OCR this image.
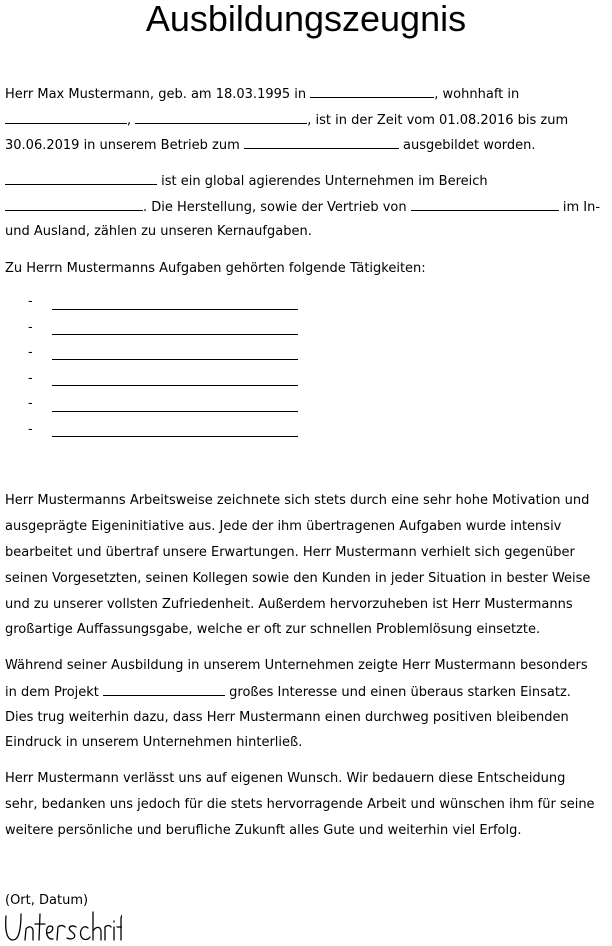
Ausbildungszeugnis
Herr Max Mustermann, geb. am 18.03.1995 in	, wohnhaft in
,	, ist in der Zeit vom 01.08.2016 bis zum
30.06.2019 in unserem Betrieb zum	ausgebildet worden.
ist ein global agierendes Unternehmen im Bereich
. Die Herstellung, sowie der Vertrieb von	im In-
und Ausland, zählen zu unseren Kernaufgaben.
Zu Herrn Mustermanns Aufgaben gehörten folgende Tätigkeiten:
-
-
-
-
-
-
Herr Mustermanns Arbeitsweise zeichnete sich stets durch eine sehr hohe Motivation und
ausgeprägte Eigeninitiative aus. Jede der ihm übertragenen Aufgaben wurde intensiv
bearbeitet und übertraf unsere Erwartungen. Herr Mustermann verhielt sich gegenüber
seinen Vorgesetzten, seinen Kollegen sowie den Kunden in jeder Situation in bester Weise
und zu unserer vollsten Zufriedenheit. Außerdem hervorzuheben ist Herr Mustermanns
großartige Auffassungsgabe, welche er oft zur schnellen Problemlösung einsetzte.
Während seiner Ausbildung in unserem Unternehmen zeigte Herr Mustermann besonders
in dem Projekt	großes Interesse und einen überaus starken Einsatz.
Dies trug weiterhin dazu, dass Herr Mustermann einen durchweg positiven bleibenden
Eindruck in unserem Unternehmen hinterließ.
Herr Mustermann verlässt uns auf eigenen Wunsch. Wir bedauern diese Entscheidung
sehr, bedanken uns jedoch für die stets hervorragende Arbeit und wünschen ihm für seine
weitere persönliche und berufliche Zukunft alles Gute und weiterhin viel Erfolg.
(Ort, Datum)
